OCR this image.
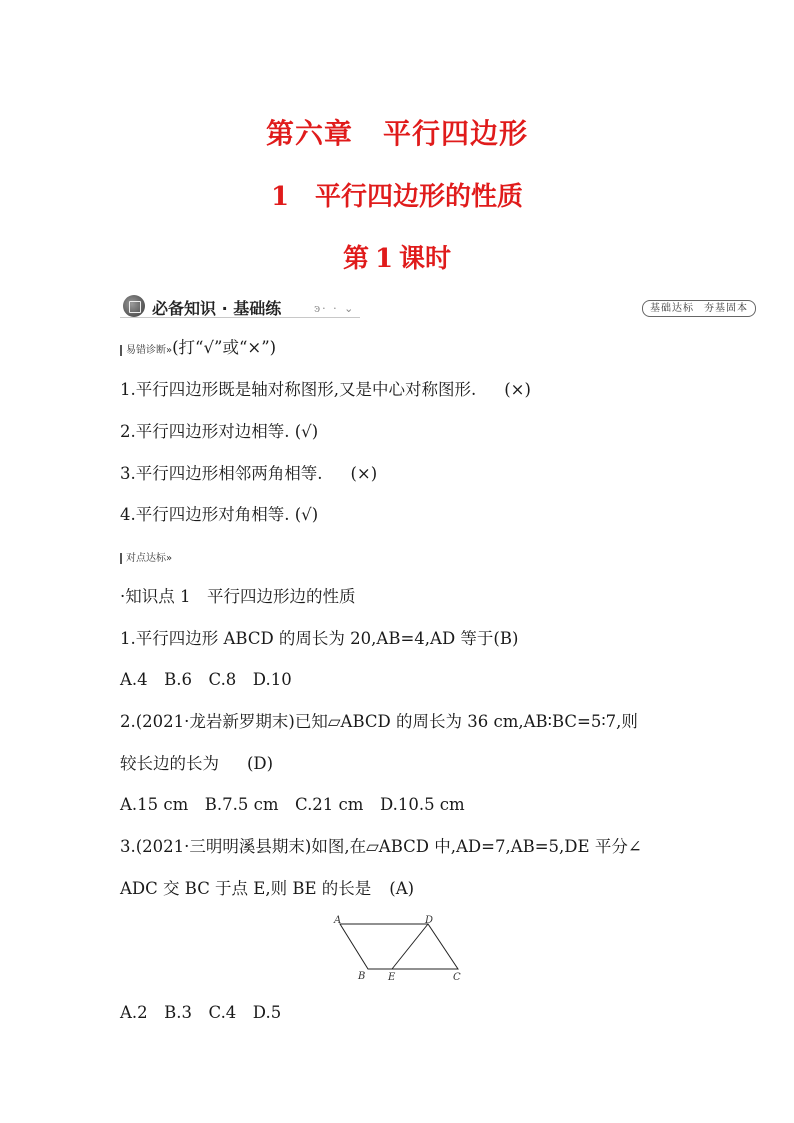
第六章 平行四边形
1 平行四边形的性质
第 1 课时
必备知识 · 基础练	ͽ· · ⌄	基础达标 夯基固本
易错诊断»(打“√”或“×”)
1.平行四边形既是轴对称图形,又是中心对称图形. (×)
2.平行四边形对边相等. (√)
3.平行四边形相邻两角相等. (×)
4.平行四边形对角相等. (√)
对点达标»
·知识点 1　平行四边形边的性质
1.平行四边形 ABCD 的周长为 20,AB=4,AD 等于(B)
A.4　B.6　C.8　D.10
2.(2021·龙岩新罗期末)已知▱ABCD 的周长为 36 cm,AB∶BC=5∶7,则
较长边的长为 (D)
A.15 cm　B.7.5 cm　C.21 cm　D.10.5 cm
3.(2021·三明明溪县期末)如图,在▱ABCD 中,AD=7,AB=5,DE 平分∠
ADC 交 BC 于点 E,则 BE 的长是 (A)
A	D
B E	C
A.2　B.3　C.4　D.5
